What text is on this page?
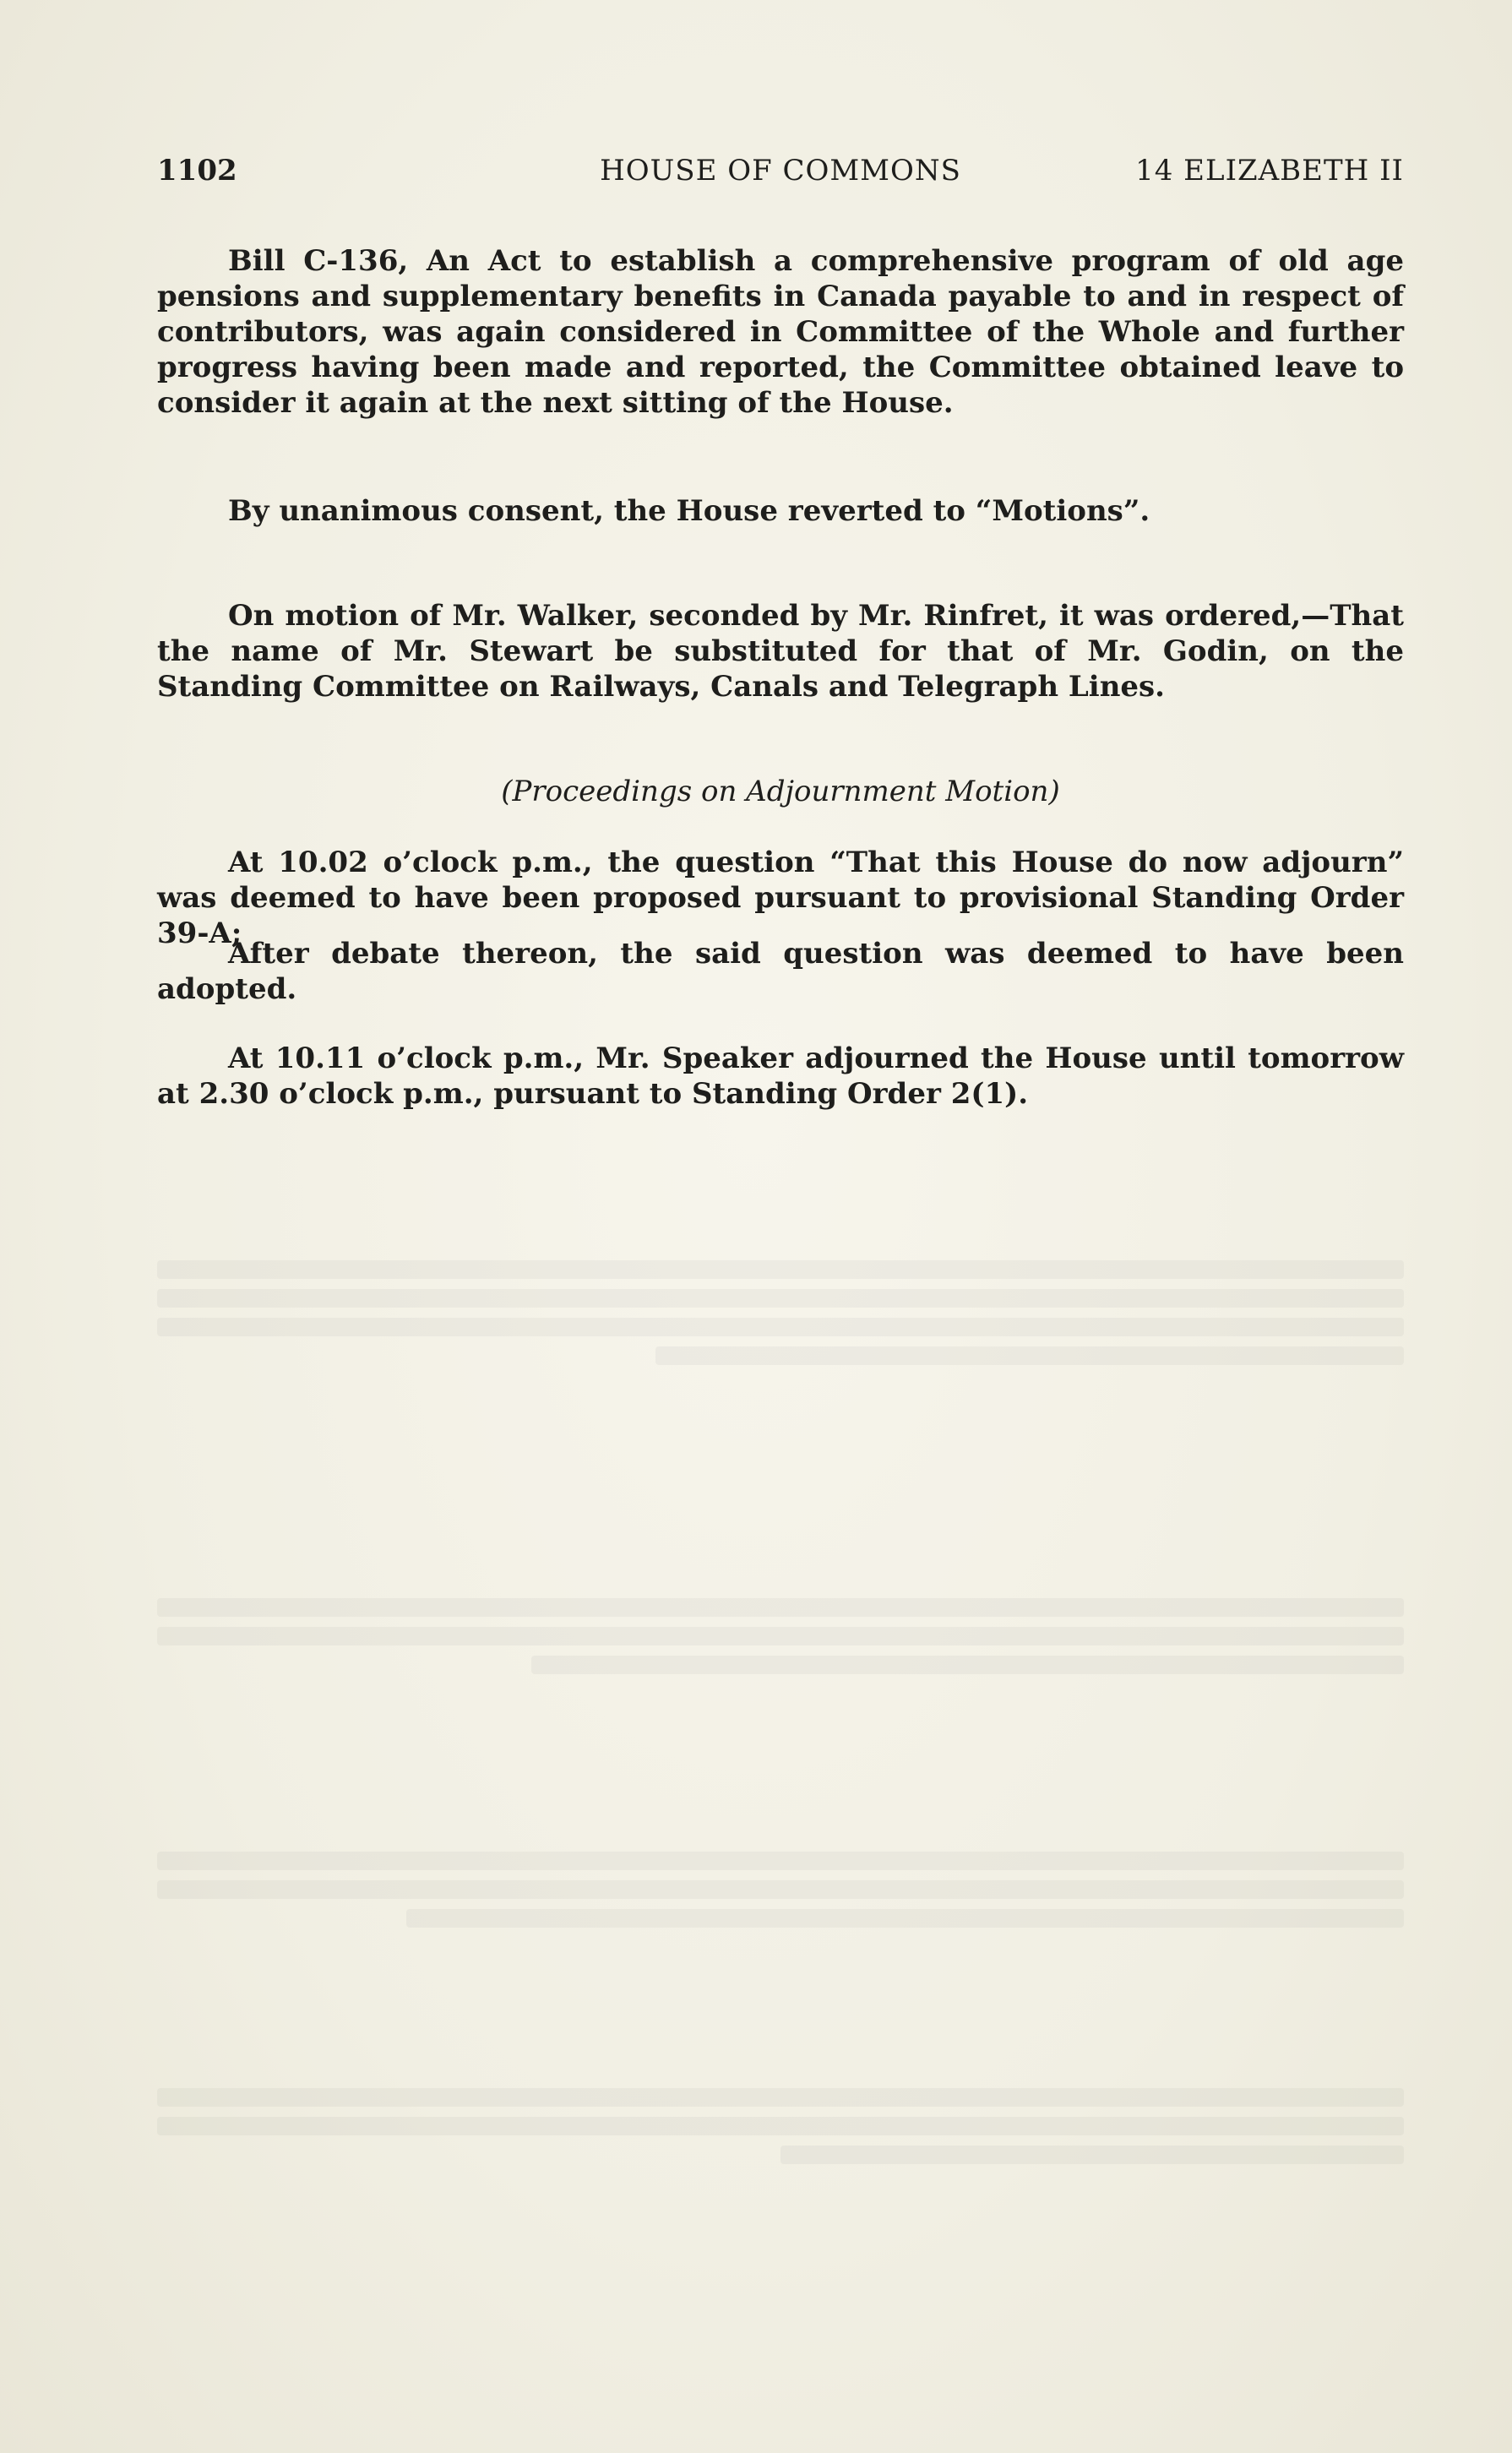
1102	HOUSE OF COMMONS	14 ELIZABETH II

Bill C-136, An Act to establish a comprehensive program of old age pensions and supplementary benefits in Canada payable to and in respect of contributors, was again considered in Committee of the Whole and further progress having been made and reported, the Committee obtained leave to consider it again at the next sitting of the House.

By unanimous consent, the House reverted to “Motions”.

On motion of Mr. Walker, seconded by Mr. Rinfret, it was ordered,—That the name of Mr. Stewart be substituted for that of Mr. Godin, on the Standing Committee on Railways, Canals and Telegraph Lines.

(Proceedings on Adjournment Motion)

At 10.02 o’clock p.m., the question “That this House do now adjourn” was deemed to have been proposed pursuant to provisional Standing Order 39-A;

After debate thereon, the said question was deemed to have been adopted.

At 10.11 o’clock p.m., Mr. Speaker adjourned the House until tomorrow at 2.30 o’clock p.m., pursuant to Standing Order 2(1).
